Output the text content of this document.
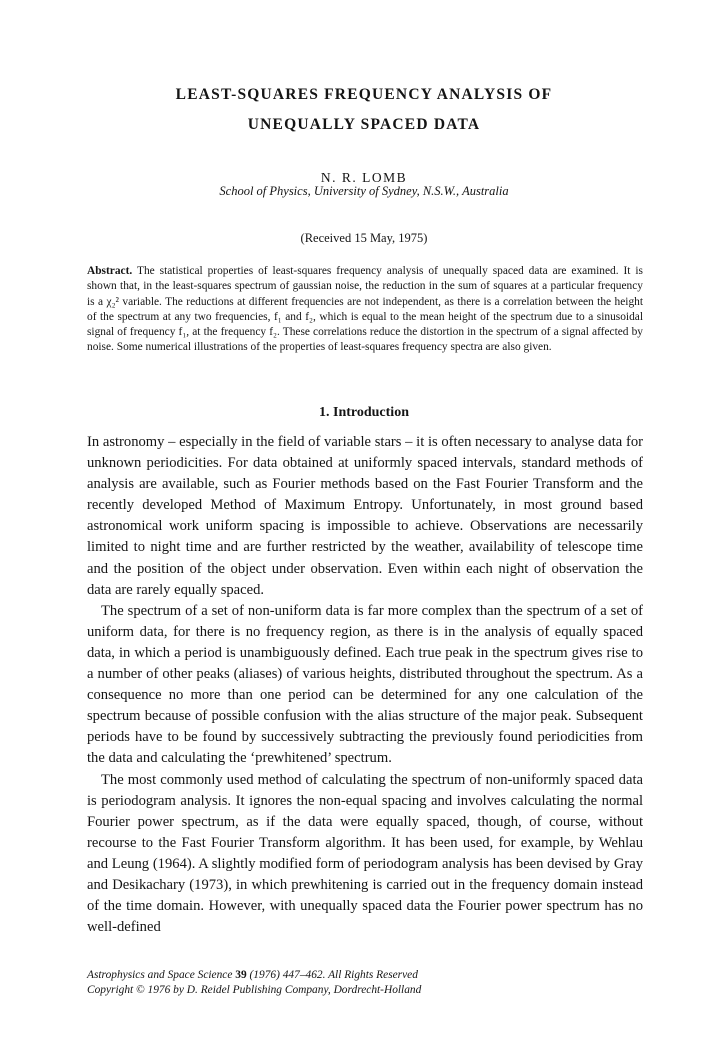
LEAST-SQUARES FREQUENCY ANALYSIS OF
UNEQUALLY SPACED DATA
N. R. LOMB
School of Physics, University of Sydney, N.S.W., Australia
(Received 15 May, 1975)

Abstract. The statistical properties of least-squares frequency analysis of unequally spaced data are examined. It is shown that, in the least-squares spectrum of gaussian noise, the reduction in the sum of squares at a particular frequency is a χ₂² variable. The reductions at different frequencies are not independent, as there is a correlation between the height of the spectrum at any two frequencies, f₁ and f₂, which is equal to the mean height of the spectrum due to a sinusoidal signal of frequency f₁, at the frequency f₂. These correlations reduce the distortion in the spectrum of a signal affected by noise. Some numerical illustrations of the properties of least-squares frequency spectra are also given.

1. Introduction

In astronomy – especially in the field of variable stars – it is often necessary to analyse data for unknown periodicities. For data obtained at uniformly spaced intervals, standard methods of analysis are available, such as Fourier methods based on the Fast Fourier Transform and the recently developed Method of Maximum Entropy. Unfortunately, in most ground based astronomical work uniform spacing is impossible to achieve. Observations are necessarily limited to night time and are further restricted by the weather, availability of telescope time and the position of the object under observation. Even within each night of observation the data are rarely equally spaced.

The spectrum of a set of non-uniform data is far more complex than the spectrum of a set of uniform data, for there is no frequency region, as there is in the analysis of equally spaced data, in which a period is unambiguously defined. Each true peak in the spectrum gives rise to a number of other peaks (aliases) of various heights, distributed throughout the spectrum. As a consequence no more than one period can be determined for any one calculation of the spectrum because of possible confusion with the alias structure of the major peak. Subsequent periods have to be found by successively subtracting the previously found periodicities from the data and calculating the ‘prewhitened’ spectrum.

The most commonly used method of calculating the spectrum of non-uniformly spaced data is periodogram analysis. It ignores the non-equal spacing and involves calculating the normal Fourier power spectrum, as if the data were equally spaced, though, of course, without recourse to the Fast Fourier Transform algorithm. It has been used, for example, by Wehlau and Leung (1964). A slightly modified form of periodogram analysis has been devised by Gray and Desikachary (1973), in which prewhitening is carried out in the frequency domain instead of the time domain. However, with unequally spaced data the Fourier power spectrum has no well-defined

Astrophysics and Space Science 39 (1976) 447–462. All Rights Reserved
Copyright © 1976 by D. Reidel Publishing Company, Dordrecht-Holland
